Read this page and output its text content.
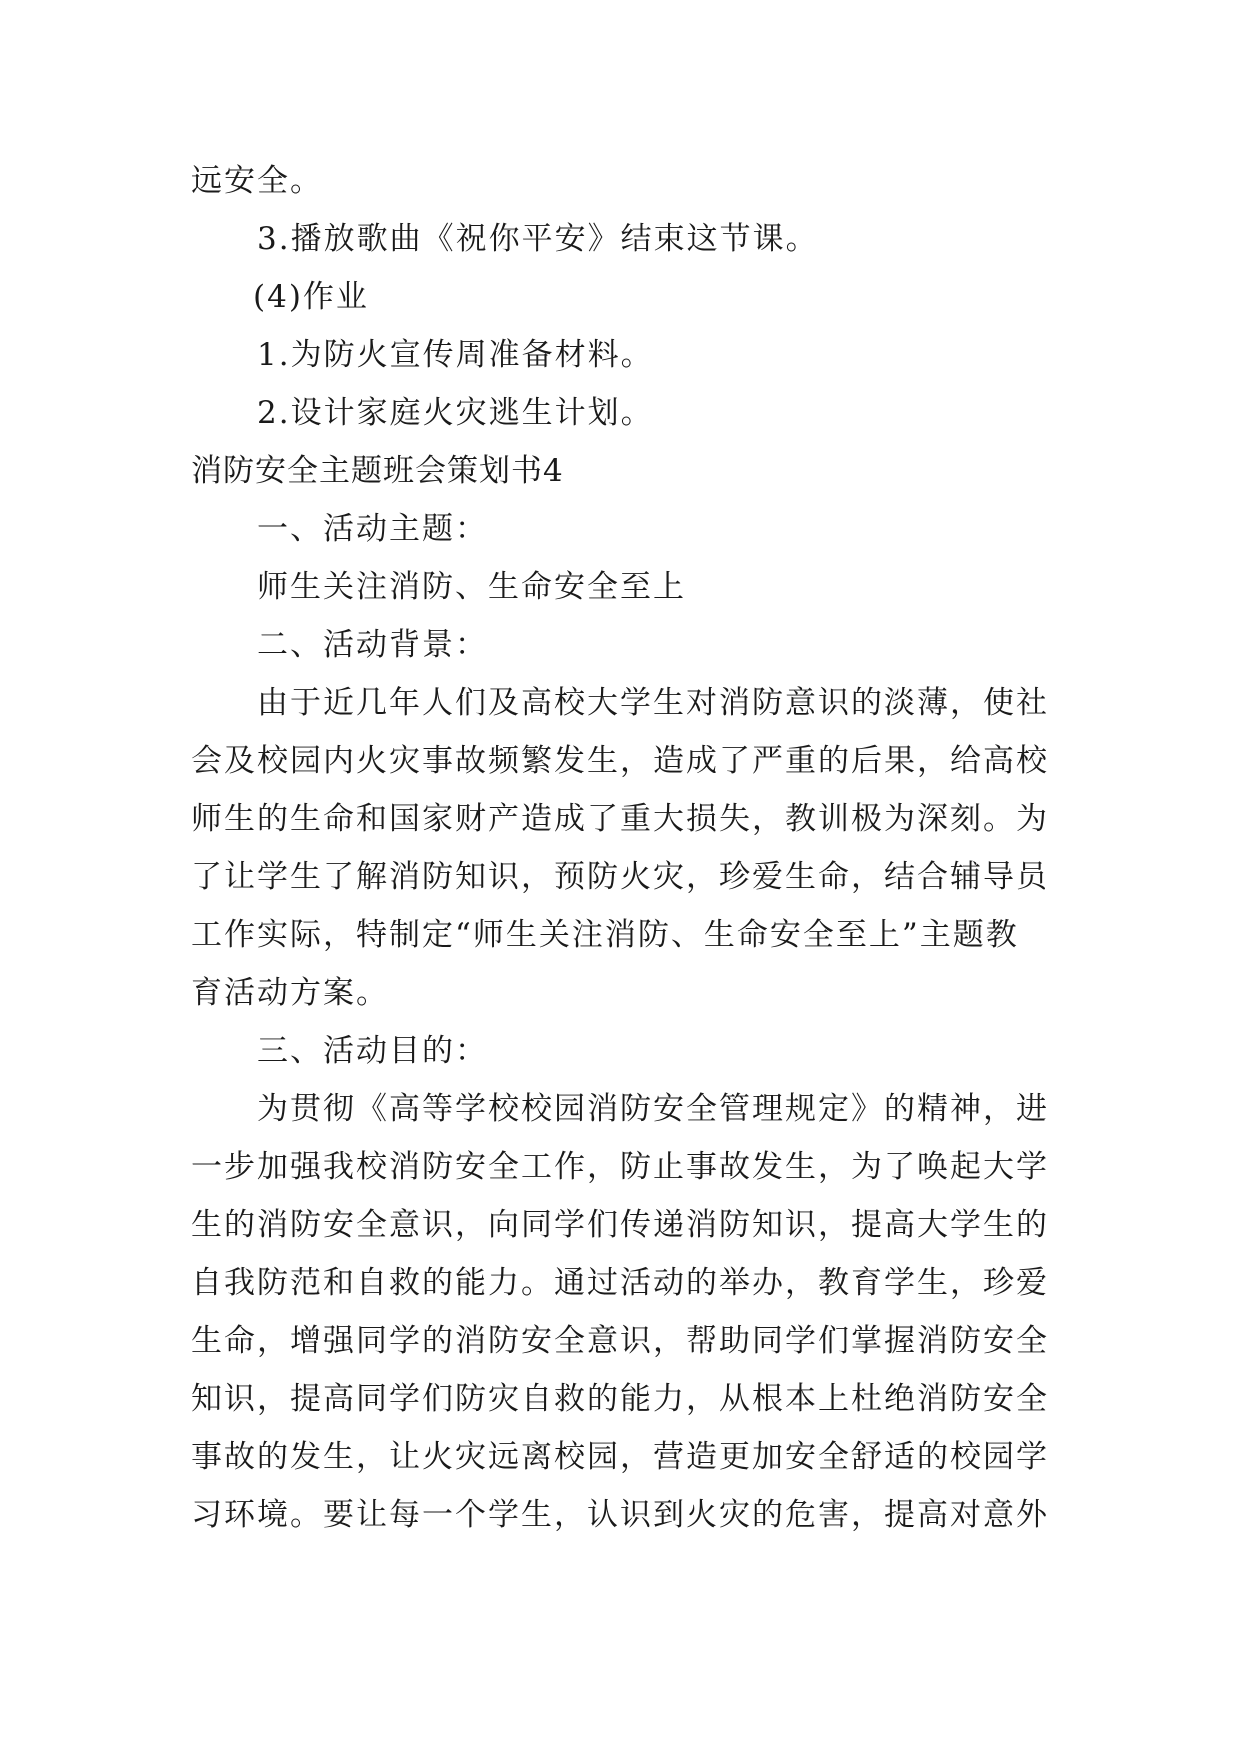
远安全。
3.播放歌曲《祝你平安》结束这节课。
(4)作业
1.为防火宣传周准备材料。
2.设计家庭火灾逃生计划。
消防安全主题班会策划书4
一、活动主题：
师生关注消防、生命安全至上
二、活动背景：
由于近几年人们及高校大学生对消防意识的淡薄，使社
会及校园内火灾事故频繁发生，造成了严重的后果，给高校
师生的生命和国家财产造成了重大损失，教训极为深刻。为
了让学生了解消防知识，预防火灾，珍爱生命，结合辅导员
工作实际，特制定“师生关注消防、生命安全至上”主题教
育活动方案。
三、活动目的：
为贯彻《高等学校校园消防安全管理规定》的精神，进
一步加强我校消防安全工作，防止事故发生，为了唤起大学
生的消防安全意识，向同学们传递消防知识，提高大学生的
自我防范和自救的能力。通过活动的举办，教育学生，珍爱
生命，增强同学的消防安全意识，帮助同学们掌握消防安全
知识，提高同学们防灾自救的能力，从根本上杜绝消防安全
事故的发生，让火灾远离校园，营造更加安全舒适的校园学
习环境。要让每一个学生，认识到火灾的危害，提高对意外
